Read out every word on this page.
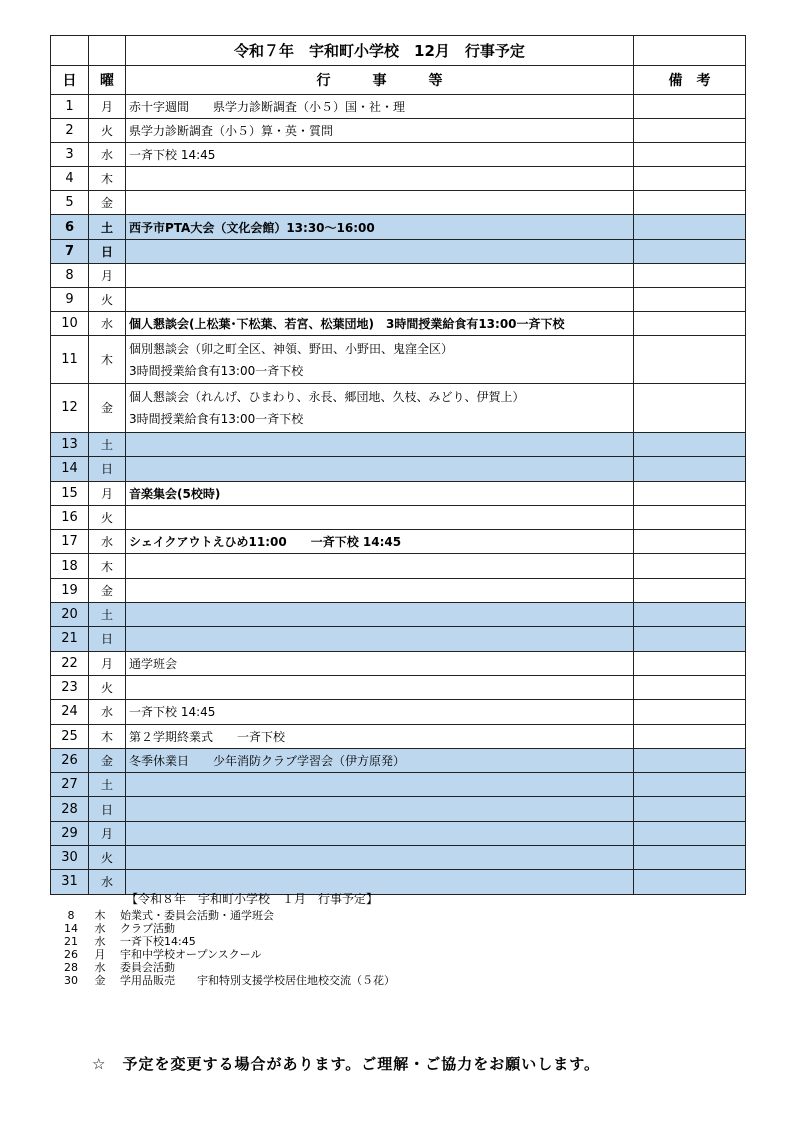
		令和７年　宇和町小学校　12月　行事予定	
日	曜	行　　　事　　　等	備　考
1	月	赤十字週間　　県学力診断調査（小５）国・社・理	

2	火	県学力診断調査（小５）算・英・質問	

3	水	一斉下校 14:45	

4	木		
5	金		
6	土	西予市PTA大会（文化会館）13:30～16:00	

7	日		
8	月		
9	火		
10	水	個人懇談会(上松葉･下松葉、若宮、松葉団地)　3時間授業給食有13:00一斉下校	

11	木	個別懇談会（卯之町全区、神領、野田、小野田、鬼窪全区）
3時間授業給食有13:00一斉下校	

12	金	個人懇談会（れんげ、ひまわり、永長、郷団地、久枝、みどり、伊賀上）
3時間授業給食有13:00一斉下校	

13	土		
14	日		
15	月	音楽集会(5校時)	

16	火		
17	水	シェイクアウトえひめ11:00　　一斉下校 14:45	

18	木		
19	金		
20	土		
21	日		
22	月	通学班会	

23	火		
24	水	一斉下校 14:45	

25	木	第２学期終業式　　一斉下校	

26	金	冬季休業日　　少年消防クラブ学習会（伊方原発）	

27	土		
28	日		
29	月		
30	火		
31	水		
【令和８年　宇和町小学校　１月　行事予定】
8 木 始業式・委員会活動・通学班会
14 水 クラブ活動
21 水 一斉下校14:45
26 月 宇和中学校オープンスクール
28 水 委員会活動
30 金 学用品販売　　宇和特別支援学校居住地校交流（５花）
☆　予定を変更する場合があります。ご理解・ご協力をお願いします。
